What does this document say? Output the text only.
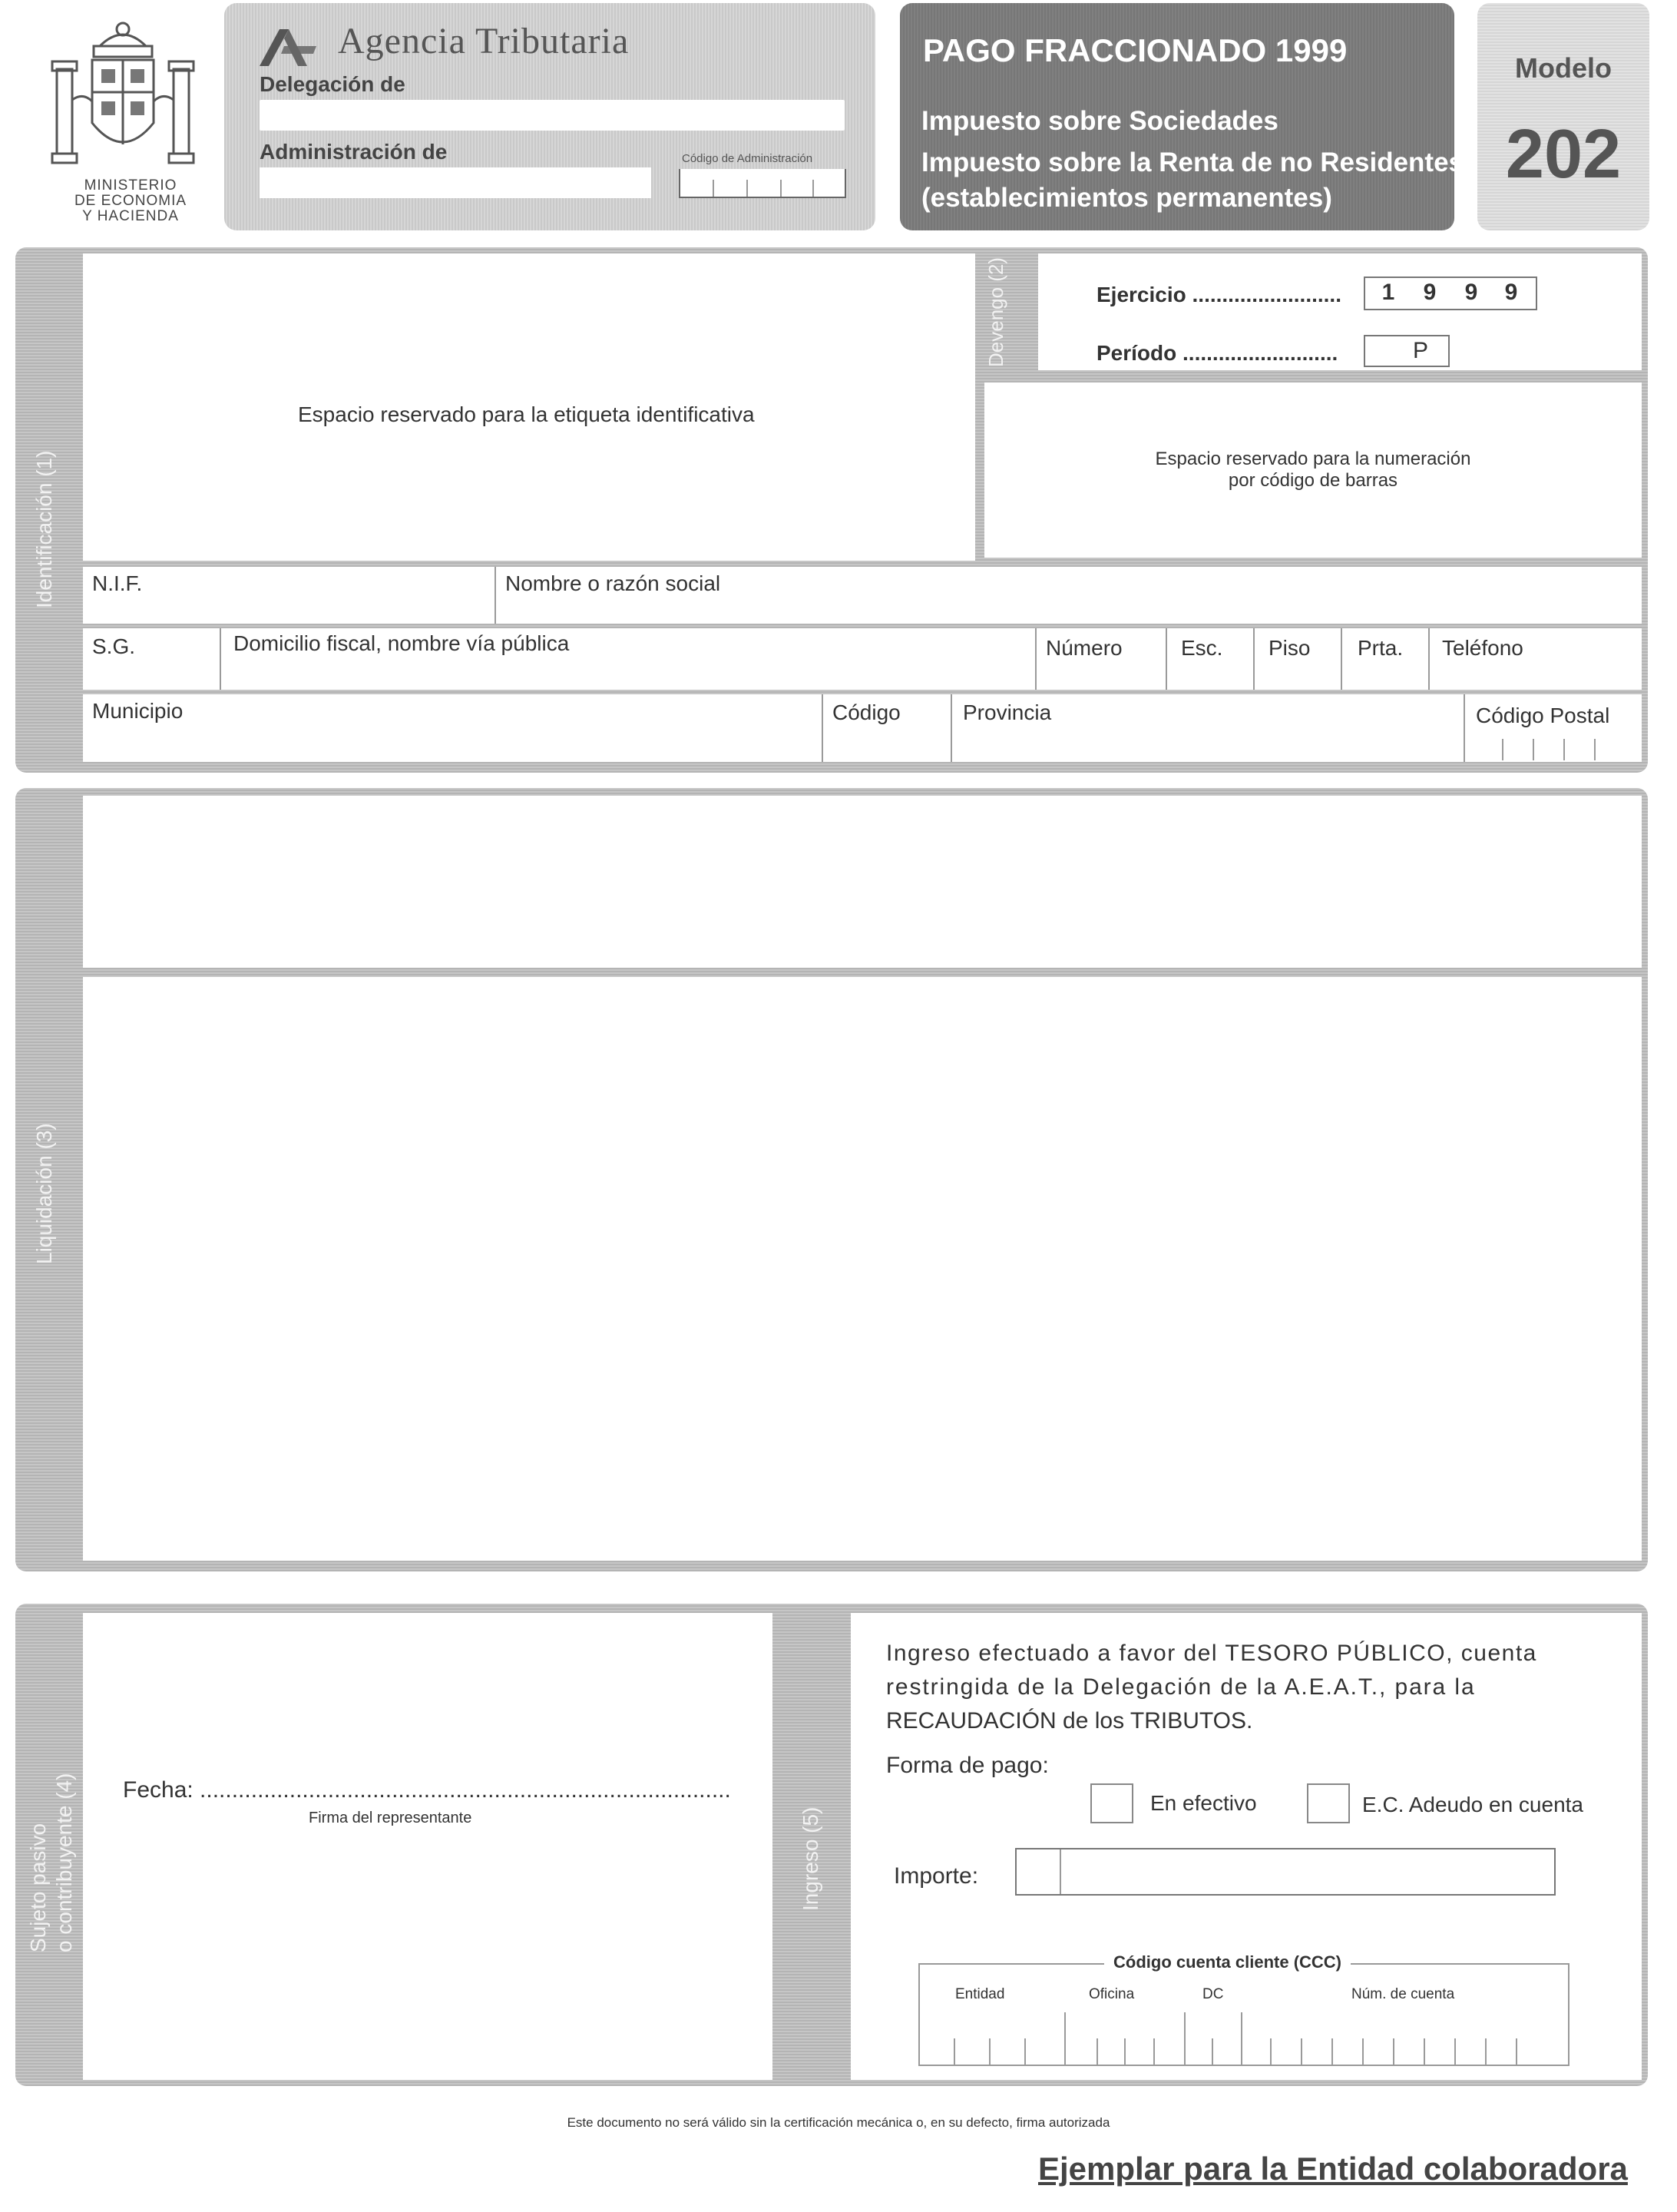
MINISTERIO
DE ECONOMIA
Y HACIENDA
Agencia Tributaria
Delegación de
Administración de	Código de Administración
PAGO FRACCIONADO 1999
Impuesto sobre Sociedades
Impuesto sobre la Renta de no Residentes
(establecimientos permanentes)
Modelo
202
Identificación (1)
Espacio reservado para la etiqueta identificativa
Devengo (2)	Ejercicio .........................	1	9	9	9
Período ..........................	P
Espacio reservado para la numeración
por código de barras
N.I.F.	Nombre o razón social
S.G.	Domicilio fiscal, nombre vía pública	Número	Esc. Piso Prta. Teléfono
Municipio	Código	Provincia	Código Postal
Liquidación (3)
Sujeto pasivo o contribuyente (4) Fecha: ...................................................................................
Firma del representante	Ingreso (5)
Ingreso efectuado a favor del TESORO PÚBLICO, cuenta
restringida de la Delegación de la A.E.A.T., para la
RECAUDACIÓN de los TRIBUTOS.
Forma de pago:
En efectivo	E.C. Adeudo en cuenta
Importe:
Código cuenta cliente (CCC)
Entidad	Oficina	DC	Núm. de cuenta
Este documento no será válido sin la certificación mecánica o, en su defecto, firma autorizada
Ejemplar para la Entidad colaboradora
